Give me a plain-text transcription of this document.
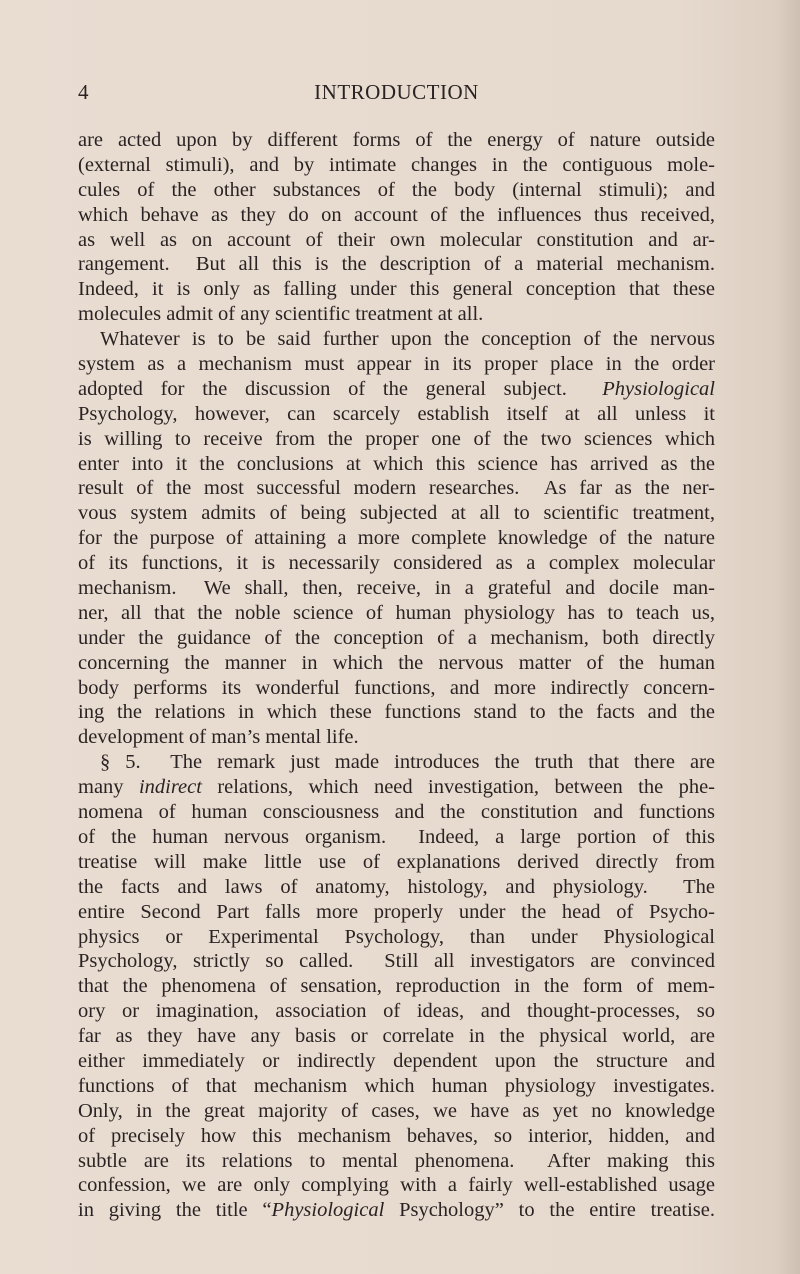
4	INTRODUCTION
are acted upon by different forms of the energy of nature outside
(external stimuli), and by intimate changes in the contiguous mole-
cules of the other substances of the body (internal stimuli); and
which behave as they do on account of the influences thus received,
as well as on account of their own molecular constitution and ar-
rangement.  But all this is the description of a material mechanism.
Indeed, it is only as falling under this general conception that these
molecules admit of any scientific treatment at all.
Whatever is to be said further upon the conception of the nervous
system as a mechanism must appear in its proper place in the order
adopted for the discussion of the general subject.  Physiological
Psychology, however, can scarcely establish itself at all unless it
is willing to receive from the proper one of the two sciences which
enter into it the conclusions at which this science has arrived as the
result of the most successful modern researches.  As far as the ner-
vous system admits of being subjected at all to scientific treatment,
for the purpose of attaining a more complete knowledge of the nature
of its functions, it is necessarily considered as a complex molecular
mechanism.  We shall, then, receive, in a grateful and docile man-
ner, all that the noble science of human physiology has to teach us,
under the guidance of the conception of a mechanism, both directly
concerning the manner in which the nervous matter of the human
body performs its wonderful functions, and more indirectly concern-
ing the relations in which these functions stand to the facts and the
development of man’s mental life.
§ 5.  The remark just made introduces the truth that there are
many indirect relations, which need investigation, between the phe-
nomena of human consciousness and the constitution and functions
of the human nervous organism.  Indeed, a large portion of this
treatise will make little use of explanations derived directly from
the facts and laws of anatomy, histology, and physiology.  The
entire Second Part falls more properly under the head of Psycho-
physics or Experimental Psychology, than under Physiological
Psychology, strictly so called.  Still all investigators are convinced
that the phenomena of sensation, reproduction in the form of mem-
ory or imagination, association of ideas, and thought-processes, so
far as they have any basis or correlate in the physical world, are
either immediately or indirectly dependent upon the structure and
functions of that mechanism which human physiology investigates.
Only, in the great majority of cases, we have as yet no knowledge
of precisely how this mechanism behaves, so interior, hidden, and
subtle are its relations to mental phenomena.  After making this
confession, we are only complying with a fairly well-established usage
in giving the title “Physiological Psychology” to the entire treatise.
